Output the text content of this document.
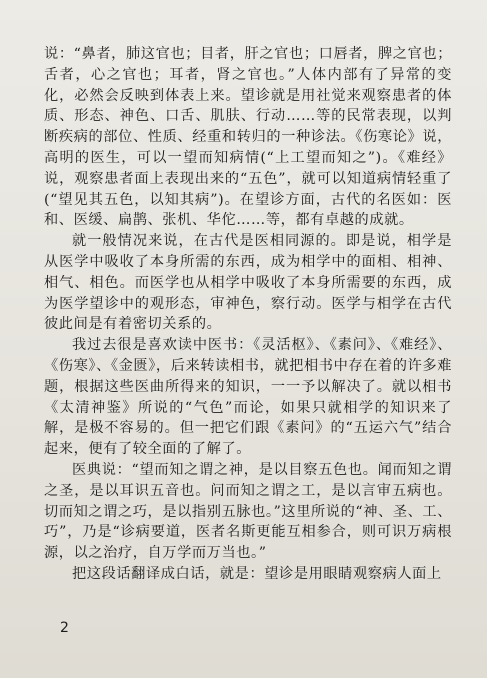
说：“鼻者，肺这官也；目者，肝之官也；口唇者，脾之官也；舌者，心之官也；耳者，肾之官也。”人体内部有了异常的变化，必然会反映到体表上来。望诊就是用社觉来观察患者的体质、形态、神色、口舌、肌肤、行动……等的民常表现，以判断疾病的部位、性质、经重和转归的一种诊法。《伤寒论》说，高明的医生，可以一望而知病情(“上工望而知之”)。《难经》说，观察患者面上表现出来的“五色”，就可以知道病情轻重了(“望见其五色，以知其病”)。在望诊方面，古代的名医如：医和、医缓、扁鹊、张机、华佗……等，都有卓越的成就。

就一般情况来说，在古代是医相同源的。即是说，相学是从医学中吸收了本身所需的东西，成为相学中的面相、相神、相气、相色。而医学也从相学中吸收了本身所需要的东西，成为医学望诊中的观形态，审神色，察行动。医学与相学在古代彼此间是有着密切关系的。

我过去很是喜欢读中医书：《灵活枢》、《素问》、《难经》、《伤寒》、《金匮》，后来转读相书，就把相书中存在着的许多难题，根据这些医曲所得来的知识，一一予以解决了。就以相书《太清神鉴》所说的“气色”而论，如果只就相学的知识来了解，是极不容易的。但一把它们跟《素问》的“五运六气”结合起来，便有了较全面的了解了。

医典说：“望而知之谓之神，是以目察五色也。闻而知之谓之圣，是以耳识五音也。问而知之谓之工，是以言审五病也。切而知之谓之巧，是以指别五脉也。”这里所说的“神、圣、工、巧”，乃是“诊病要道，医者名斯更能互相参合，则可识万病根源，以之治疗，自万学而万当也。”

把这段话翻译成白话，就是：望诊是用眼睛观察病人面上

2
